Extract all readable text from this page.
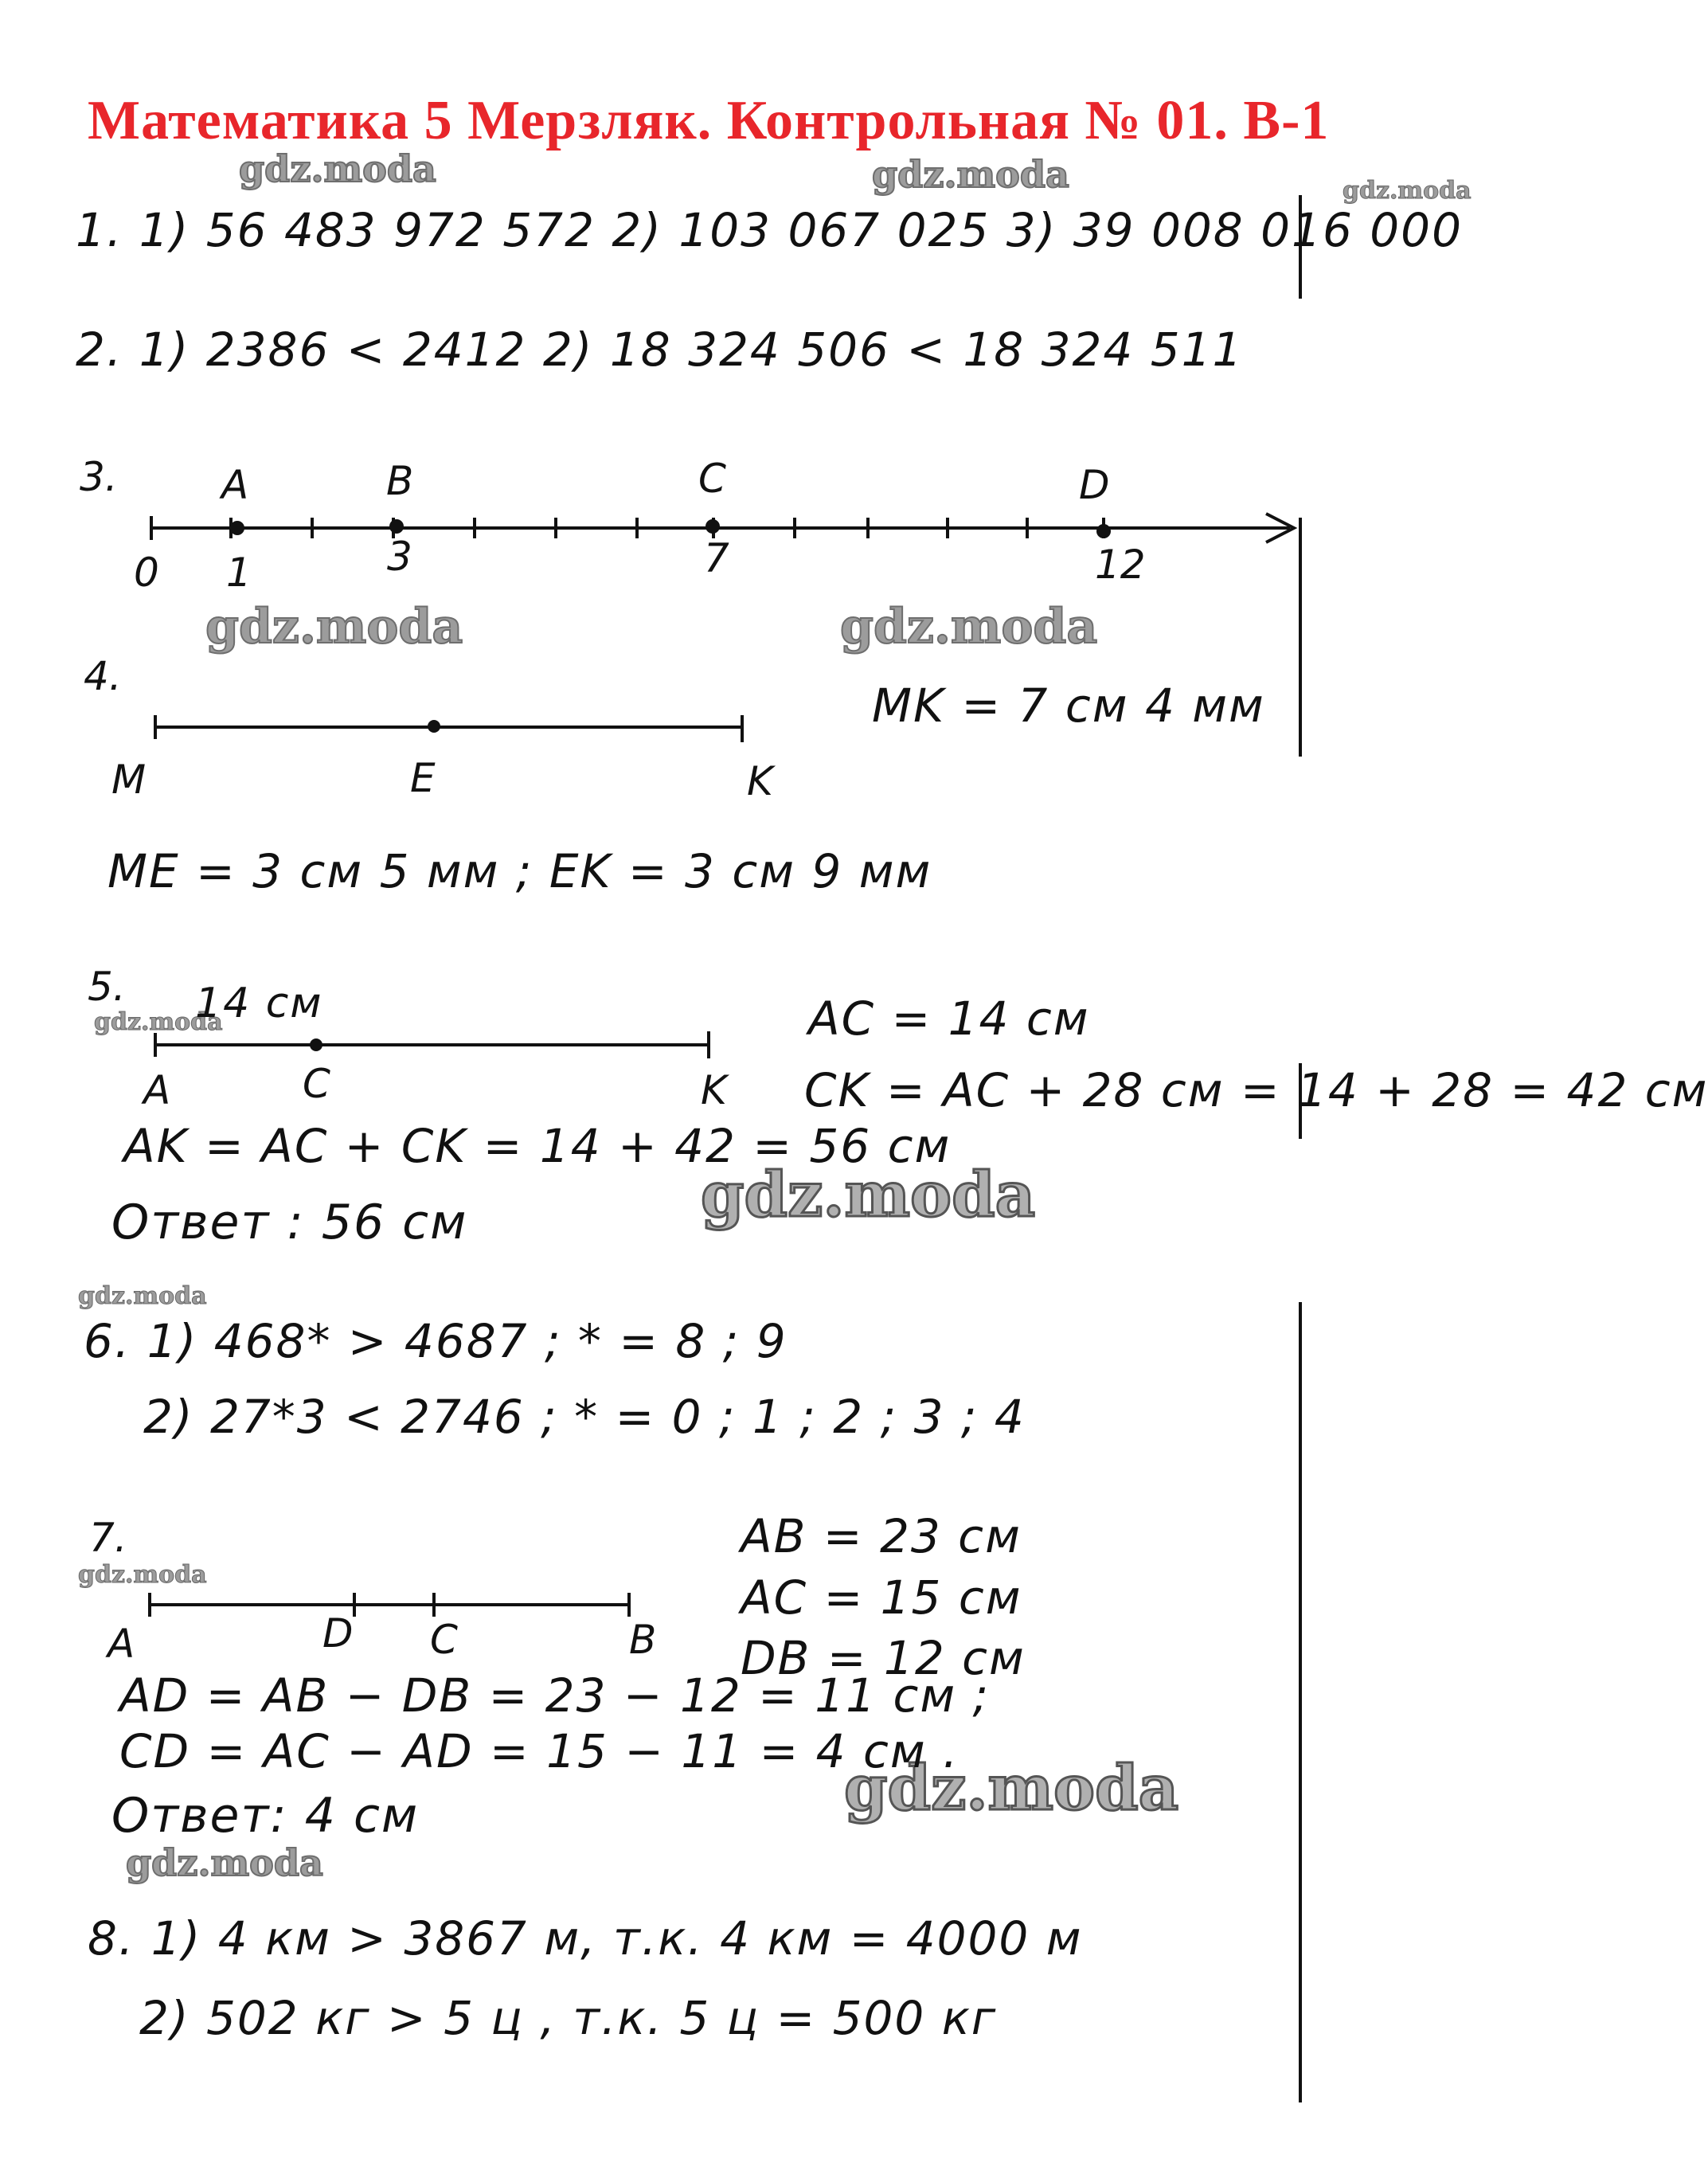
Математика 5 Мерзляк. Контрольная № 01. В-1
gdz.moda	gdz.moda	gdz.moda
gdz.moda	gdz.moda
gdz.moda
gdz.moda
gdz.moda
gdz.moda
gdz.moda
gdz.moda
1. 1) 56 483 972 572 2) 103 067 025 3) 39 008 016 000
2. 1) 2386 < 2412 2) 18 324 506 < 18 324 511
3.	A	B	C	D
0 1	3	7	12
4.
MK = 7 см 4 мм
M	E	K
ME = 3 см 5 мм ; EK = 3 см 9 мм
5. 14 см	AC = 14 см
A	C	K CK = AC + 28 см = 14 + 28 = 42 см
AK = AC + CK = 14 + 42 = 56 см
Ответ : 56 см
6. 1) 468* > 4687 ; * = 8 ; 9
2) 27*3 < 2746 ; * = 0 ; 1 ; 2 ; 3 ; 4
7.	AB = 23 см
AC = 15 см
DB = 12 см
A	D C	B
AD = AB − DB = 23 − 12 = 11 см ;
CD = AC − AD = 15 − 11 = 4 см .
Ответ: 4 см
8. 1) 4 км > 3867 м, т.к. 4 км = 4000 м
2) 502 кг > 5 ц , т.к. 5 ц = 500 кг
